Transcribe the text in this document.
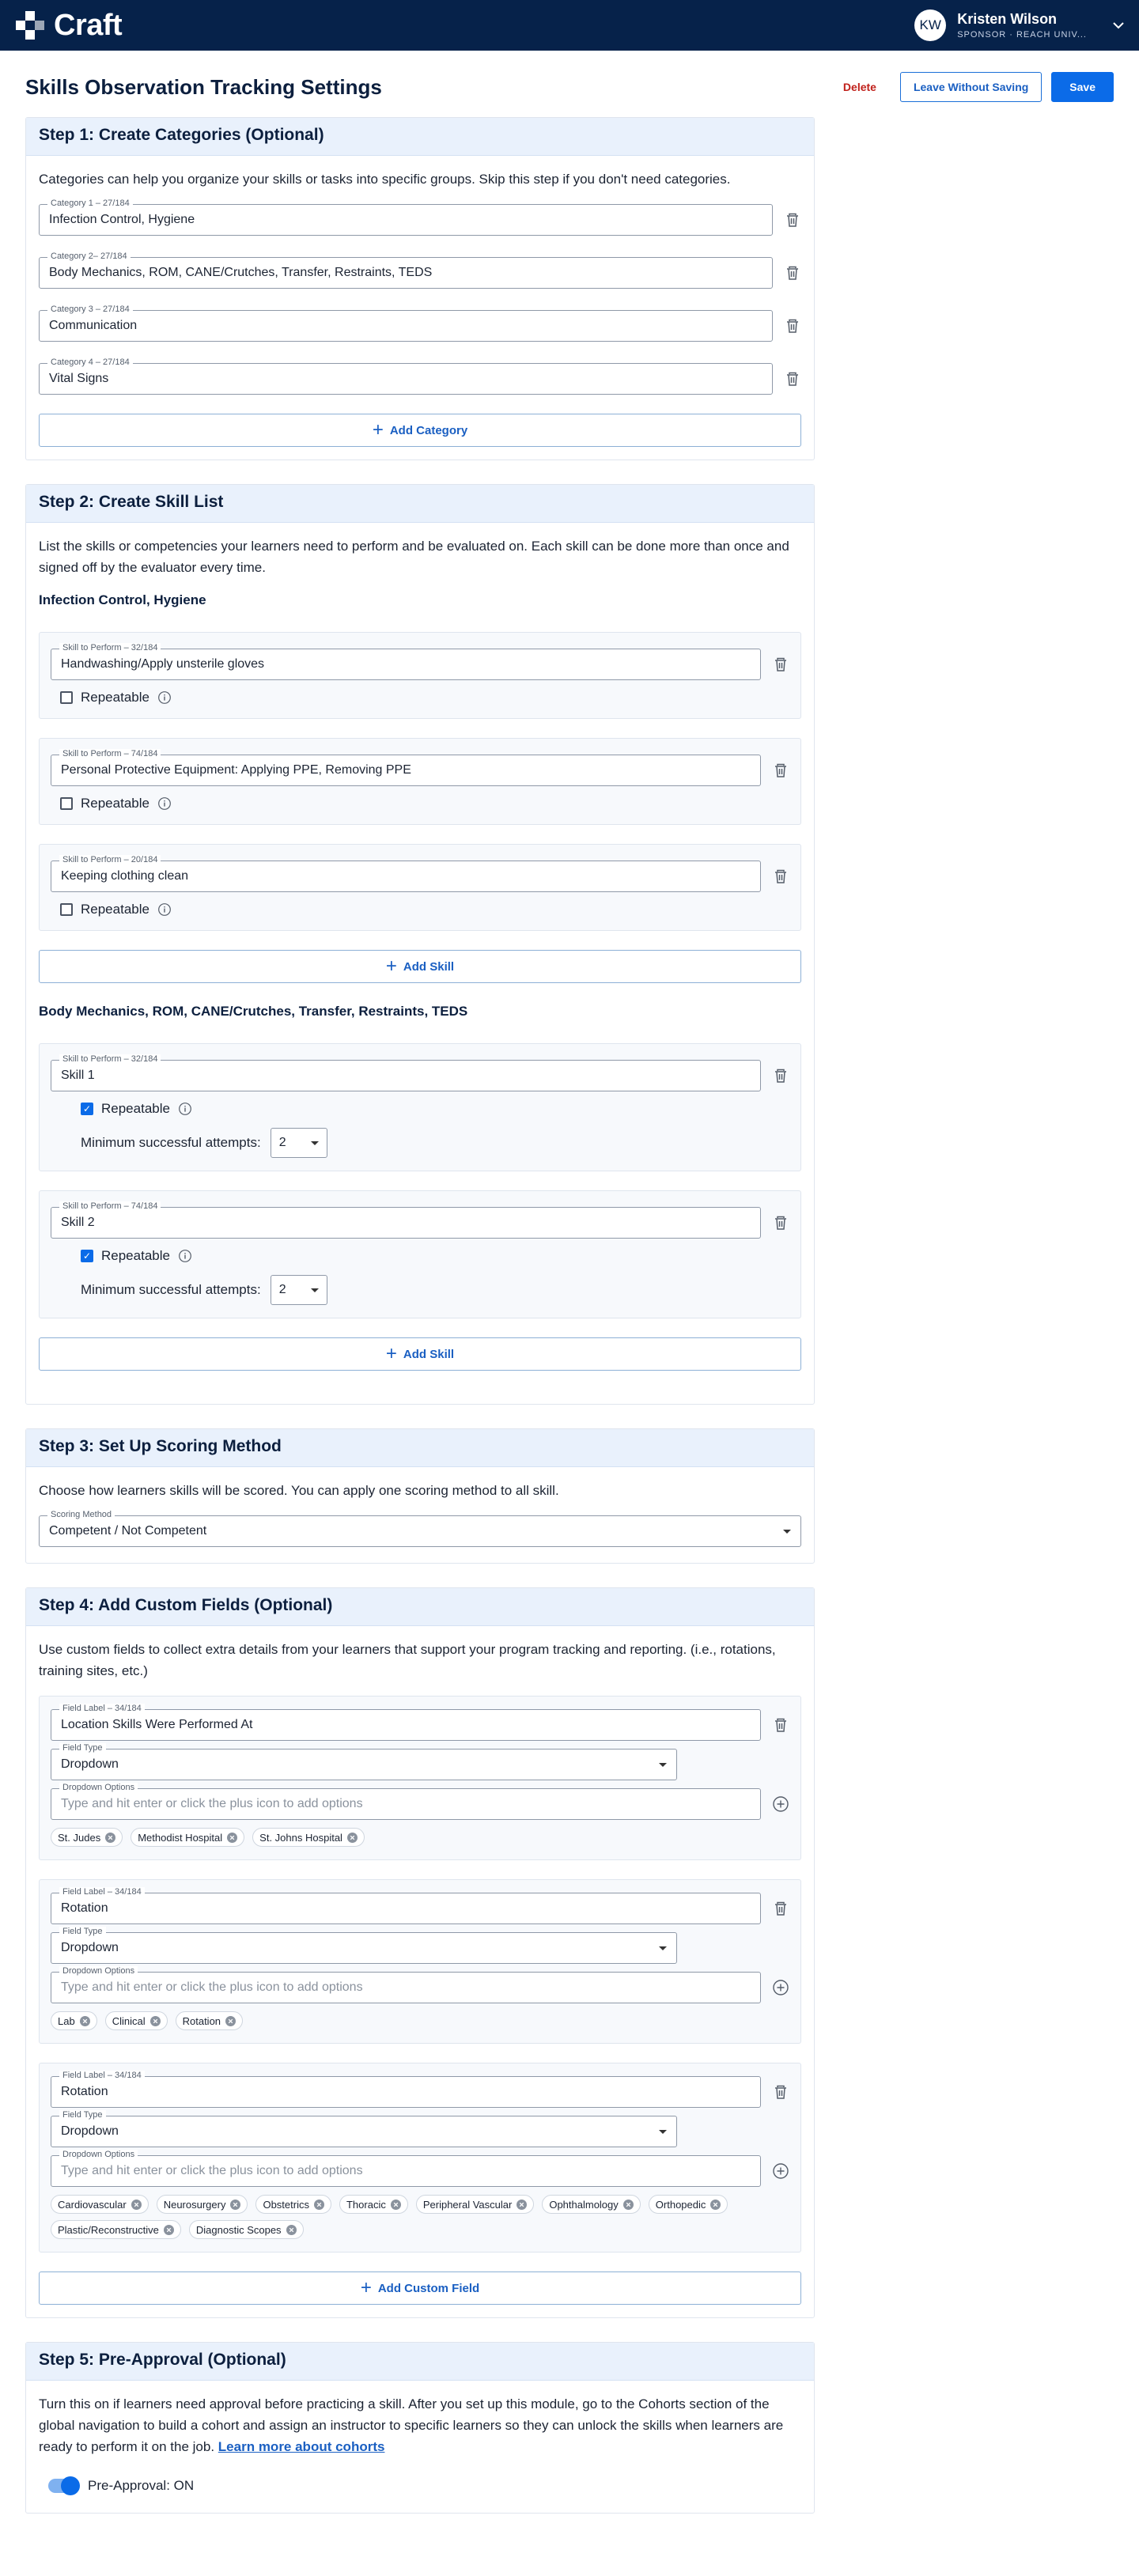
Craft	KW	Kristen Wilson
SPONSOR · REACH UNIV...
Skills Observation Tracking Settings	Delete	Leave Without Saving	Save
Step 1: Create Categories (Optional)
Categories can help you organize your skills or tasks into specific groups. Skip this step if you don't need categories.
Category 1 – 27/184
Infection Control, Hygiene
Category 2– 27/184
Body Mechanics, ROM, CANE/Crutches, Transfer, Restraints, TEDS
Category 3 – 27/184
Communication
Category 4 – 27/184
Vital Signs
+ Add Category
Step 2: Create Skill List
List the skills or competencies your learners need to perform and be evaluated on. Each skill can be done more than once and signed off by the evaluator every time.
Infection Control, Hygiene
Skill to Perform – 32/184
Handwashing/Apply unsterile gloves
Repeatable
Skill to Perform – 74/184
Personal Protective Equipment: Applying PPE, Removing PPE
Repeatable
Skill to Perform – 20/184
Keeping clothing clean
Repeatable
+ Add Skill
Body Mechanics, ROM, CANE/Crutches, Transfer, Restraints, TEDS
Skill to Perform – 32/184
Skill 1
✓ Repeatable
Minimum successful attempts: 2
Skill to Perform – 74/184
Skill 2
✓ Repeatable
Minimum successful attempts: 2
+ Add Skill
Step 3: Set Up Scoring Method
Choose how learners skills will be scored. You can apply one scoring method to all skill.
Scoring Method
Competent / Not Competent
Step 4: Add Custom Fields (Optional)
Use custom fields to collect extra details from your learners that support your program tracking and reporting. (i.e., rotations, training sites, etc.)
Field Label – 34/184
Location Skills Were Performed At
Field Type
Dropdown
Dropdown Options
Type and hit enter or click the plus icon to add options
St. Judes	Methodist Hospital	St. Johns Hospital
Field Label – 34/184
Rotation
Field Type
Dropdown
Dropdown Options
Type and hit enter or click the plus icon to add options
Lab	Clinical	Rotation
Field Label – 34/184
Rotation
Field Type
Dropdown
Dropdown Options
Type and hit enter or click the plus icon to add options
Cardiovascular	Neurosurgery	Obstetrics	Thoracic	Peripheral Vascular	Ophthalmology	Orthopedic
Plastic/Reconstructive	Diagnostic Scopes
+ Add Custom Field
Step 5: Pre-Approval (Optional)
Turn this on if learners need approval before practicing a skill. After you set up this module, go to the Cohorts section of the global navigation to build a cohort and assign an instructor to specific learners so they can unlock the skills when learners are ready to perform it on the job. Learn more about cohorts
Pre-Approval: ON
